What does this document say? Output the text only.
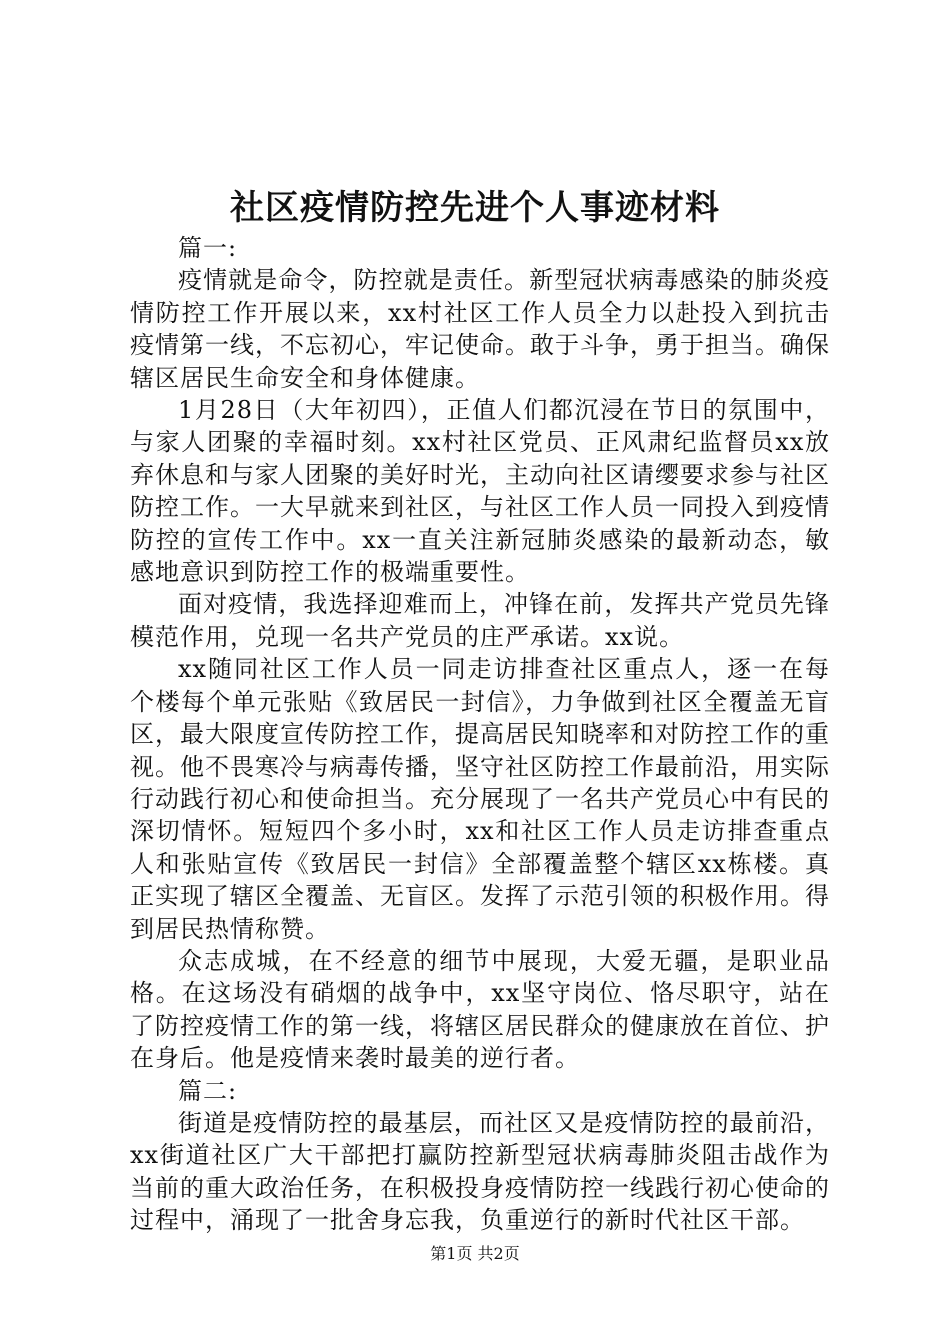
社区疫情防控先进个人事迹材料

篇一:

疫情就是命令，防控就是责任。新型冠状病毒感染的肺炎疫情防控工作开展以来，xx村社区工作人员全力以赴投入到抗击疫情第一线，不忘初心，牢记使命。敢于斗争，勇于担当。确保辖区居民生命安全和身体健康。

1月28日（大年初四），正值人们都沉浸在节日的氛围中，与家人团聚的幸福时刻。xx村社区党员、正风肃纪监督员xx放弃休息和与家人团聚的美好时光，主动向社区请缨要求参与社区防控工作。一大早就来到社区，与社区工作人员一同投入到疫情防控的宣传工作中。xx一直关注新冠肺炎感染的最新动态，敏感地意识到防控工作的极端重要性。

面对疫情，我选择迎难而上，冲锋在前，发挥共产党员先锋模范作用，兑现一名共产党员的庄严承诺。xx说。

xx随同社区工作人员一同走访排查社区重点人，逐一在每个楼每个单元张贴《致居民一封信》，力争做到社区全覆盖无盲区，最大限度宣传防控工作，提高居民知晓率和对防控工作的重视。他不畏寒冷与病毒传播，坚守社区防控工作最前沿，用实际行动践行初心和使命担当。充分展现了一名共产党员心中有民的深切情怀。短短四个多小时，xx和社区工作人员走访排查重点人和张贴宣传《致居民一封信》全部覆盖整个辖区xx栋楼。真正实现了辖区全覆盖、无盲区。发挥了示范引领的积极作用。得到居民热情称赞。

众志成城，在不经意的细节中展现，大爱无疆，是职业品格。在这场没有硝烟的战争中，xx坚守岗位、恪尽职守，站在了防控疫情工作的第一线，将辖区居民群众的健康放在首位、护在身后。他是疫情来袭时最美的逆行者。

篇二:

街道是疫情防控的最基层，而社区又是疫情防控的最前沿，xx街道社区广大干部把打赢防控新型冠状病毒肺炎阻击战作为当前的重大政治任务，在积极投身疫情防控一线践行初心使命的过程中，涌现了一批舍身忘我，负重逆行的新时代社区干部。

第1页 共2页
